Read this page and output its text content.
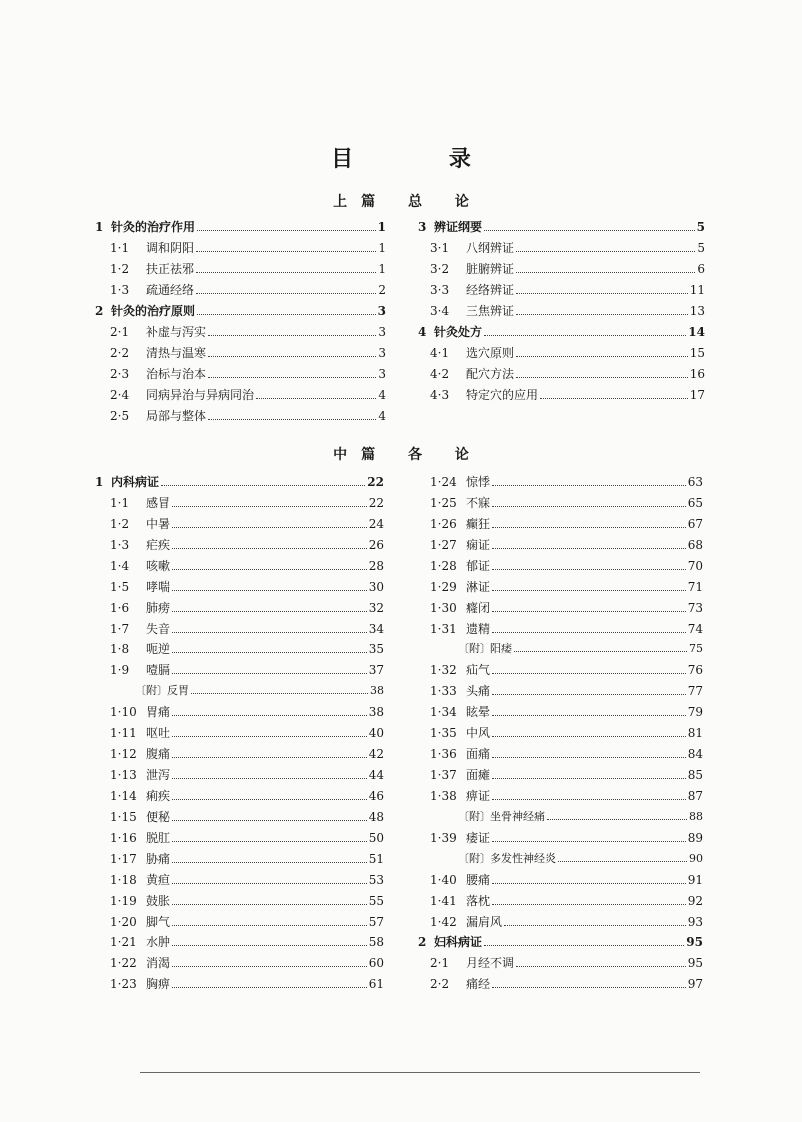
目 录
上篇 总 论
中篇 各 论
1 针灸的治疗作用	1
1·1	调和阴阳	1
1·2	扶正祛邪	1
1·3	疏通经络	2
2 针灸的治疗原则	3
2·1	补虚与泻实	3
2·2	清热与温寒	3
2·3	治标与治本	3
2·4	同病异治与异病同治	4
2·5	局部与整体	4
3 辨证纲要	5
3·1	八纲辨证	5
3·2	脏腑辨证	6
3·3	经络辨证	11
3·4	三焦辨证	13
4 针灸处方	14
4·1	选穴原则	15
4·2	配穴方法	16
4·3	特定穴的应用	17
1 内科病证	22
1·1	感冒	22
1·2	中暑	24
1·3	疟疾	26
1·4	咳嗽	28
1·5	哮喘	30
1·6	肺痨	32
1·7	失音	34
1·8	呃逆	35
1·9	噎膈	37
〔附〕 反胃	38
1·10 胃痛	38
1·11 呕吐	40
1·12 腹痛	42
1·13 泄泻	44
1·14 痢疾	46
1·15 便秘	48
1·16 脱肛	50
1·17 胁痛	51
1·18 黄疸	53
1·19 鼓胀	55
1·20 脚气	57
1·21 水肿	58
1·22 消渴	60
1·23 胸痹	61
1·24 惊悸	63
1·25 不寐	65
1·26 癫狂	67
1·27 痫证	68
1·28 郁证	70
1·29 淋证	71
1·30 癃闭	73
1·31 遗精	74
〔附〕 阳痿	75
1·32 疝气	76
1·33 头痛	77
1·34 眩晕	79
1·35 中风	81
1·36 面痛	84
1·37 面瘫	85
1·38 痹证	87
〔附〕 坐骨神经痛	88
1·39 痿证	89
〔附〕 多发性神经炎	90
1·40 腰痛	91
1·41 落枕	92
1·42 漏肩风	93
2 妇科病证	95
2·1	月经不调	95
2·2	痛经	97
